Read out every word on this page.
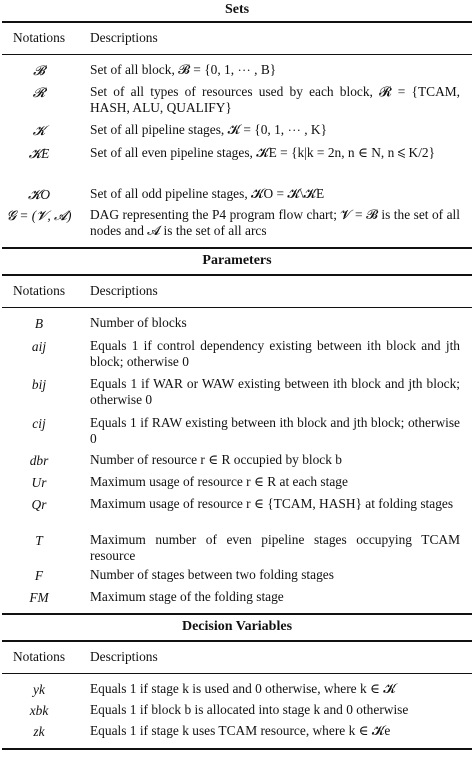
Sets
Notations	Descriptions
𝓑	Set of all block, 𝓑 = {0, 1, ⋯ , B}
𝓡	Set of all types of resources used by each block, 𝓡 = {TCAM, HASH, ALU, QUALIFY}
𝓚	Set of all pipeline stages, 𝓚 = {0, 1, ⋯ , K}
𝓚E	Set of all even pipeline stages, 𝓚E = {k|k = 2n, n ∈ N, n ⩽ K/2}
𝓚O	Set of all odd pipeline stages, 𝓚O = 𝓚\𝓚E
𝓖 = (𝓥, 𝓐)	DAG representing the P4 program flow chart; 𝓥 = 𝓑 is the set of all nodes and 𝓐 is the set of all arcs
Parameters
Notations	Descriptions
B	Number of blocks
aij	Equals 1 if control dependency existing between ith block and jth block; otherwise 0
bij	Equals 1 if WAR or WAW existing between ith block and jth block; otherwise 0
cij	Equals 1 if RAW existing between ith block and jth block; otherwise 0
dbr	Number of resource r ∈ R occupied by block b
Ur	Maximum usage of resource r ∈ R at each stage
Qr	Maximum usage of resource r ∈ {TCAM, HASH} at folding stages
T	Maximum number of even pipeline stages occupying TCAM resource
F	Number of stages between two folding stages
FM	Maximum stage of the folding stage
Decision Variables
Notations	Descriptions
yk	Equals 1 if stage k is used and 0 otherwise, where k ∈ 𝓚
xbk	Equals 1 if block b is allocated into stage k and 0 otherwise
zk	Equals 1 if stage k uses TCAM resource, where k ∈ 𝓚e
